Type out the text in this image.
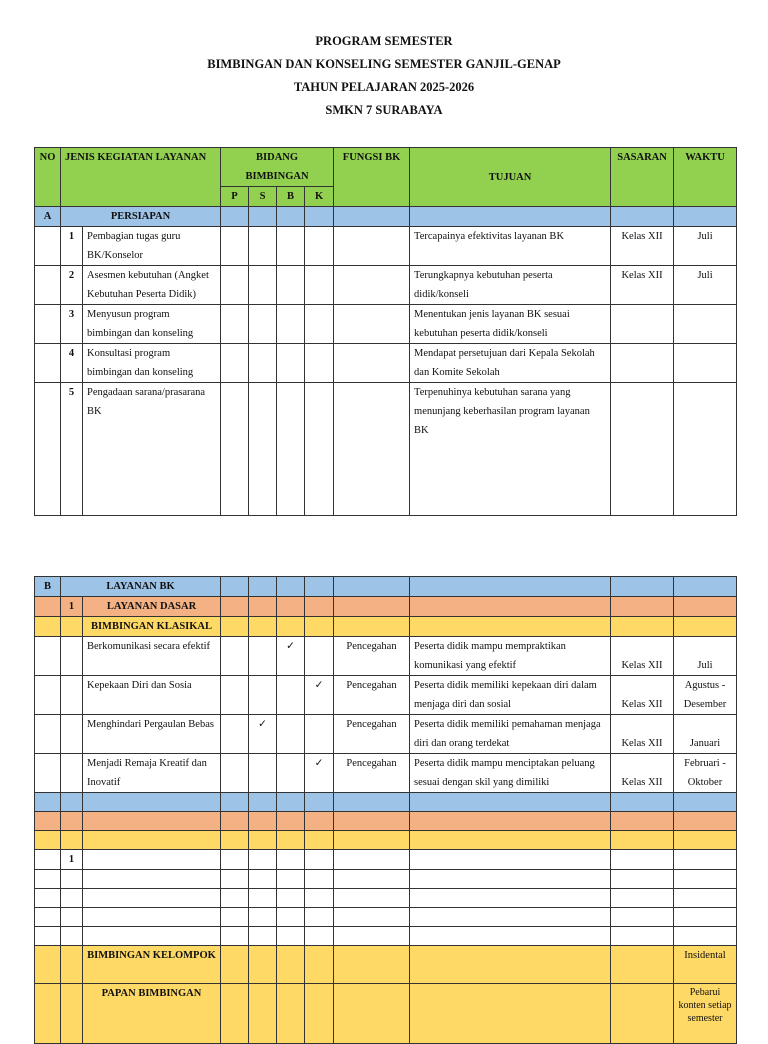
PROGRAM SEMESTER
BIMBINGAN DAN KONSELING SEMESTER GANJIL-GENAP
TAHUN PELAJARAN 2025-2026
SMKN 7 SURABAYA
NO	JENIS KEGIATAN LAYANAN		BIDANG BIMBINGAN				FUNGSI BK	TUJUAN	SASARAN	WAKTU
			P	S	B	K				
A	PERSIAPAN									
	1	Pembagian tugas guru BK/Konselor						Tercapainya efektivitas layanan BK	Kelas XII	Juli
	2	Asesmen kebutuhan (Angket Kebutuhan Peserta Didik)						Terungkapnya kebutuhan peserta didik/konseli	Kelas XII	Juli
	3	Menyusun program bimbingan dan konseling						Menentukan jenis layanan BK sesuai kebutuhan peserta didik/konseli		
	4	Konsultasi program bimbingan dan konseling						Mendapat persetujuan dari Kepala Sekolah dan Komite Sekolah		
	5	Pengadaan sarana/prasarana BK						Terpenuhinya kebutuhan sarana yang menunjang keberhasilan program layanan BK		
B	LAYANAN BK									
	1	LAYANAN DASAR								
		BIMBINGAN KLASIKAL								
		Berkomunikasi secara efektif			✓		Pencegahan	Peserta didik mampu mempraktikan komunikasi yang efektif	Kelas XII	Juli
		Kepekaan Diri dan Sosia				✓	Pencegahan	Peserta didik memiliki kepekaan diri dalam menjaga diri dan sosial	Kelas XII	Agustus - Desember
		Menghindari Pergaulan Bebas		✓			Pencegahan	Peserta didik memiliki pemahaman menjaga diri dan orang terdekat	Kelas XII	Januari
		Menjadi Remaja Kreatif dan Inovatif				✓	Pencegahan	Peserta didik mampu menciptakan peluang sesuai dengan skil yang dimiliki	Kelas XII	Februari - Oktober

	1									

		BIMBINGAN KELOMPOK								Insidental
		PAPAN BIMBINGAN								Pebarui konten setiap semester
